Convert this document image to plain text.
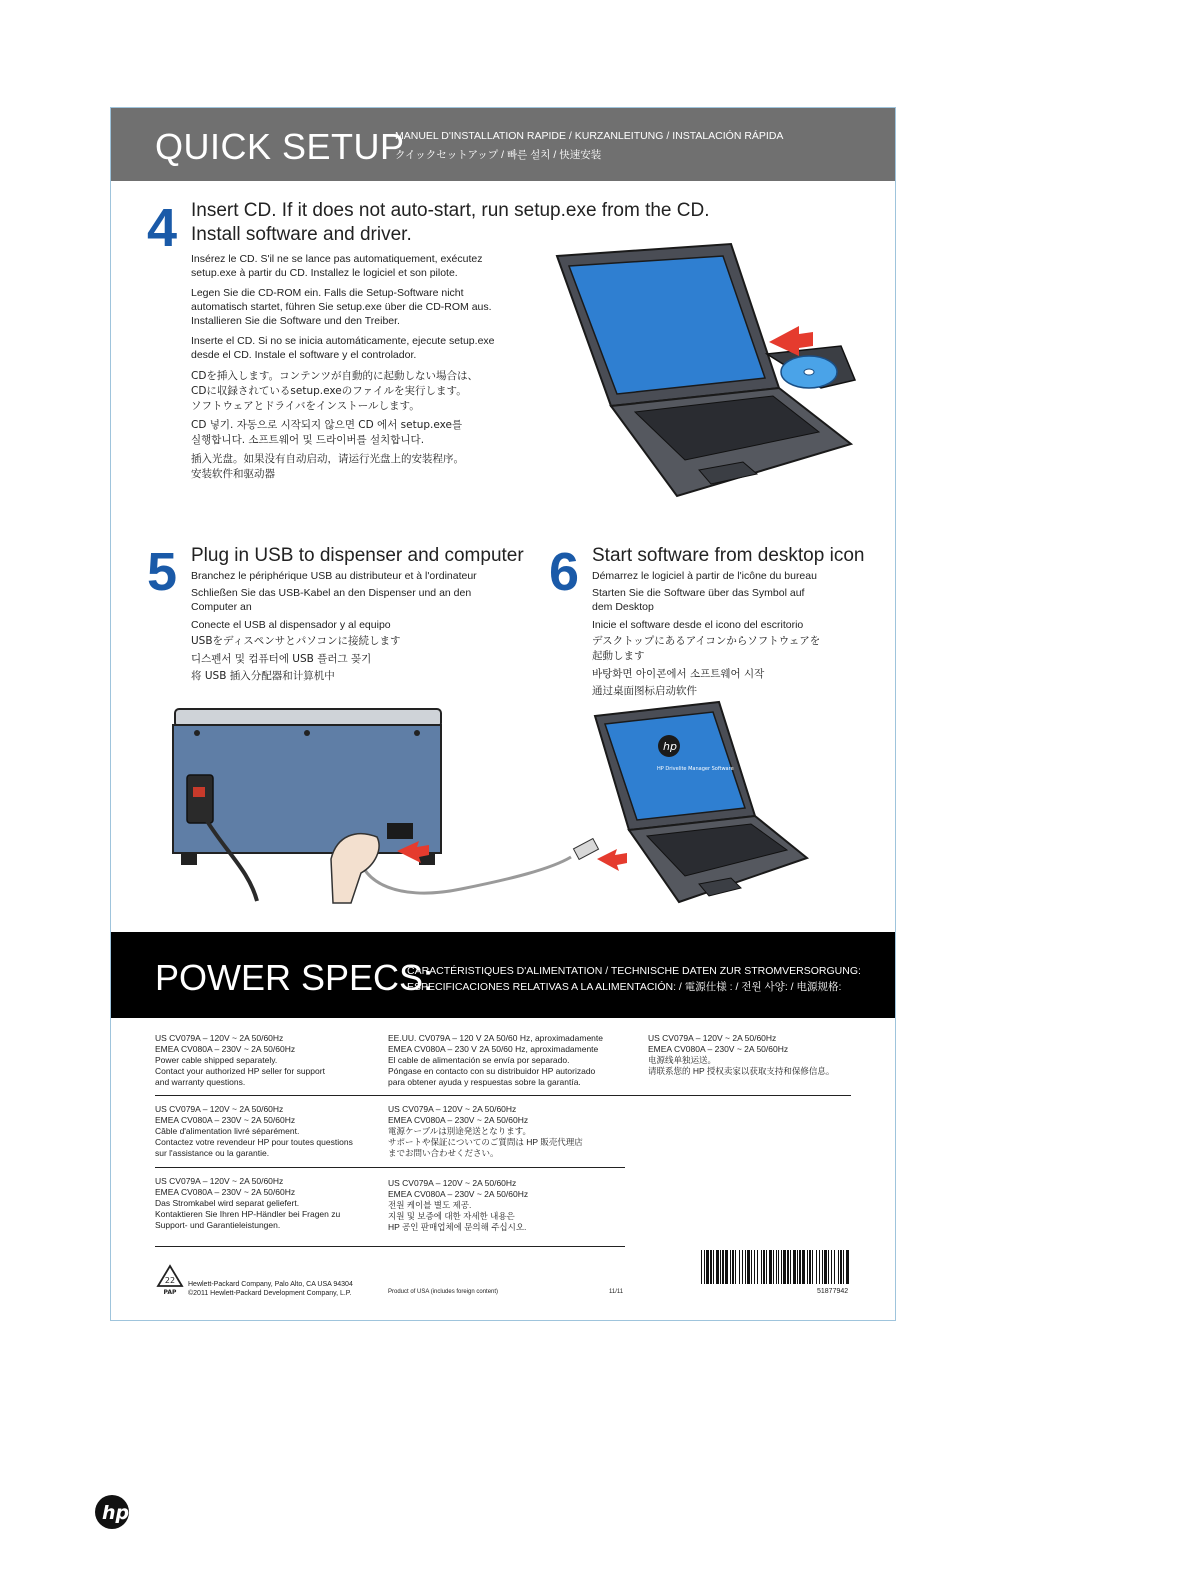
QUICK SETUP
MANUEL D'INSTALLATION RAPIDE / KURZANLEITUNG / INSTALACIÓN RÁPIDA
クイックセットアップ / 빠른 설치 / 快速安装
4 Insert CD. If it does not auto-start, run setup.exe from the CD.
Install software and driver.
Insérez le CD. S'il ne se lance pas automatiquement, exécutez
setup.exe à partir du CD. Installez le logiciel et son pilote.
Legen Sie die CD-ROM ein. Falls die Setup-Software nicht
automatisch startet, führen Sie setup.exe über die CD-ROM aus.
Installieren Sie die Software und den Treiber.
Inserte el CD. Si no se inicia automáticamente, ejecute setup.exe
desde el CD. Instale el software y el controlador.
CDを挿入します。コンテンツが自動的に起動しない場合は、
CDに収録されているsetup.exeのファイルを実行します。
ソフトウェアとドライバをインストールします。
CD 넣기. 자동으로 시작되지 않으면 CD 에서 setup.exe를
실행합니다. 소프트웨어 및 드라이버를 설치합니다.
插入光盘。如果没有自动启动，请运行光盘上的安装程序。
安装软件和驱动器
5 Plug in USB to dispenser and computer
Branchez le périphérique USB au distributeur et à l'ordinateur
Schließen Sie das USB-Kabel an den Dispenser und an den
Computer an
Conecte el USB al dispensador y al equipo
USBをディスペンサとパソコンに接続します
디스펜서 및 컴퓨터에 USB 플러그 꽂기
将 USB 插入分配器和计算机中
6 Start software from desktop icon
Démarrez le logiciel à partir de l'icône du bureau
Starten Sie die Software über das Symbol auf
dem Desktop
Inicie el software desde el icono del escritorio
デスクトップにあるアイコンからソフトウェアを
起動します
바탕화면 아이콘에서 소프트웨어 시작
通过桌面图标启动软件
hp
HP Drivelite Manager Software
POWER SPECS:
CARACTÉRISTIQUES D'ALIMENTATION / TECHNISCHE DATEN ZUR STROMVERSORGUNG:
ESPECIFICACIONES RELATIVAS A LA ALIMENTACIÓN: / 電源仕様 : / 전원 사양: / 电源规格:
US CV079A – 120V ~ 2A 50/60Hz
EMEA CV080A – 230V ~ 2A 50/60Hz
Power cable shipped separately.
Contact your authorized HP seller for support
and warranty questions.
EE.UU. CV079A – 120 V 2A 50/60 Hz, aproximadamente
EMEA CV080A – 230 V 2A 50/60 Hz, aproximadamente
El cable de alimentación se envía por separado.
Póngase en contacto con su distribuidor HP autorizado
para obtener ayuda y respuestas sobre la garantía.
US CV079A – 120V ~ 2A 50/60Hz
EMEA CV080A – 230V ~ 2A 50/60Hz
电源线单独运送。
请联系您的 HP 授权卖家以获取支持和保修信息。
US CV079A – 120V ~ 2A 50/60Hz
EMEA CV080A – 230V ~ 2A 50/60Hz
Câble d'alimentation livré séparément.
Contactez votre revendeur HP pour toutes questions
sur l'assistance ou la garantie.
US CV079A – 120V ~ 2A 50/60Hz
EMEA CV080A – 230V ~ 2A 50/60Hz
電源ケーブルは別途発送となります。
サポートや保証についてのご質問は HP 販売代理店
までお問い合わせください。
US CV079A – 120V ~ 2A 50/60Hz
EMEA CV080A – 230V ~ 2A 50/60Hz
Das Stromkabel wird separat geliefert.
Kontaktieren Sie Ihren HP-Händler bei Fragen zu
Support- und Garantieleistungen.
US CV079A – 120V ~ 2A 50/60Hz
EMEA CV080A – 230V ~ 2A 50/60Hz
전원 케이블 별도 제공.
지원 및 보증에 대한 자세한 내용은
HP 공인 판매업체에 문의해 주십시오.
22
PAP
Hewlett-Packard Company, Palo Alto, CA USA 94304
©2011 Hewlett-Packard Development Company, L.P.	Product of USA (includes foreign content)	11/11	51877942
hp
